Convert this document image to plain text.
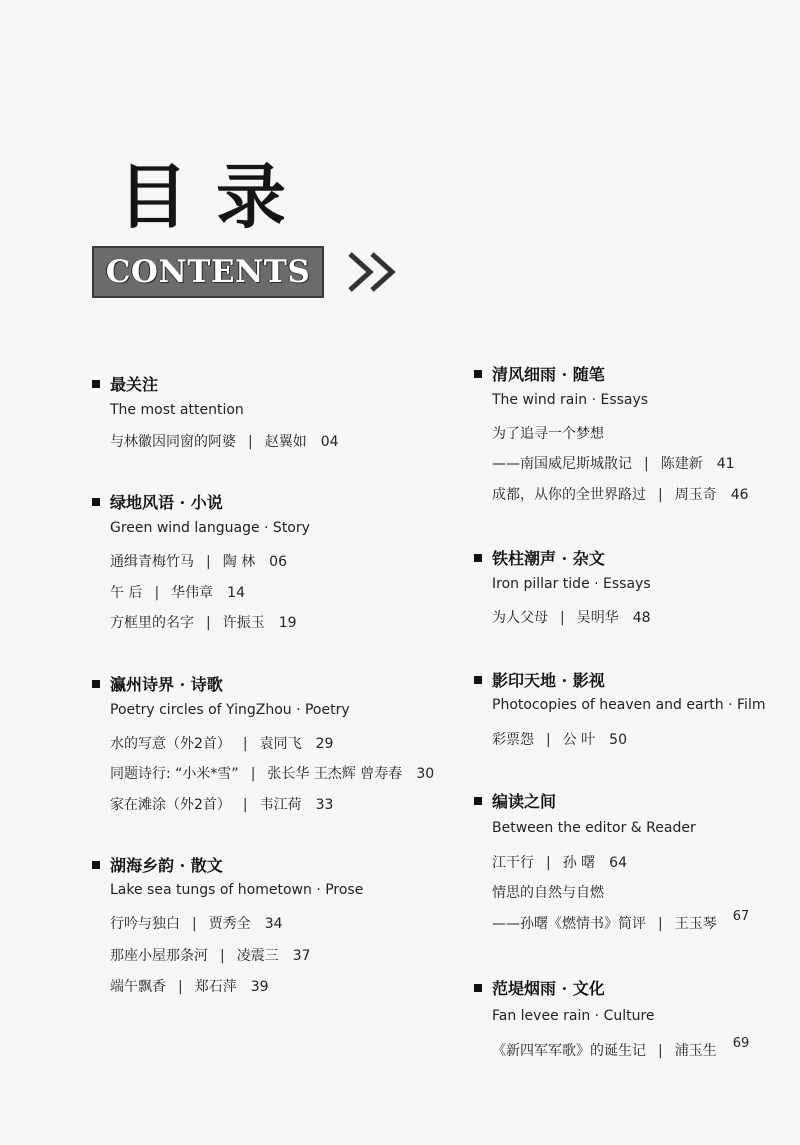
目录
CONTENTS
最关注
The most attention
与林徽因同窗的阿婆 | 赵翼如 04
绿地风语 · 小说
Green wind language · Story
通缉青梅竹马 | 陶 林 06
午 后 | 华伟章 14
方框里的名字 | 许振玉 19
瀛州诗界 · 诗歌
Poetry circles of YingZhou · Poetry
水的写意（外2首） | 袁同飞 29
同题诗行: “小米*雪” | 张长华 王杰辉 曾寿春 30
家在滩涂（外2首） | 韦江荷 33
湖海乡韵 · 散文
Lake sea tungs of hometown · Prose
行吟与独白 | 贾秀全 34
那座小屋那条河 | 凌震三 37
端午飘香 | 郑石萍 39
清风细雨 · 随笔
The wind rain · Essays
为了追寻一个梦想
——南国威尼斯城散记 | 陈建新 41
成都，从你的全世界路过 | 周玉奇 46
铁柱潮声 · 杂文
Iron pillar tide · Essays
为人父母 | 吴明华 48
影印天地 · 影视
Photocopies of heaven and earth · Film
彩票怨 | 公 叶 50
编读之间
Between the editor & Reader
江干行 | 孙 曙 64
情思的自然与自燃
——孙曙《燃情书》简评 | 王玉琴 67
范堤烟雨 · 文化
Fan levee rain · Culture
《新四军军歌》的诞生记 | 浦玉生 69
